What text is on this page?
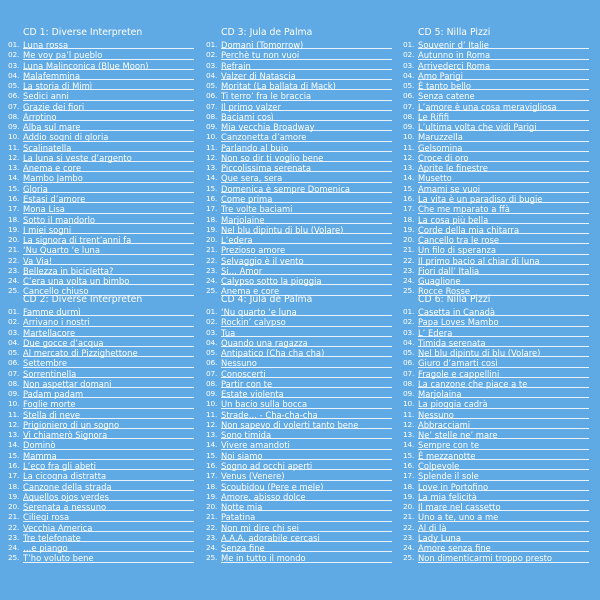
CD 1: Diverse Interpreten
01. Luna rossa
02. Me voy pa’l pueblo
03. Luna Malinconica (Blue Moon)
04. Malafemmina
05. La storia di Mimì
06. Sedici anni
07. Grazie dei fiori
08. Arrotino
09. Alba sul mare
10. Addio sogni di gloria
11. Scalinatella
12. La luna si veste d’argento
13. Anema e core
14. Mambo Jambo
15. Gloria
16. Estasi d’amore
17. Mona Lisa
18. Sotto il mandorlo
19. I miei sogni
20. La signora di trent’anni fa
21. ‘Nu Quarto ‘e luna
22. Va Via!
23. Bellezza in bicicletta?
24. C’era una volta un bimbo
25. Cancello chiuso
CD 2: Diverse Interpreten
01. Famme durmì
02. Arrivano i nostri
03. Martellacore
04. Due gocce d’acqua
05. Al mercato di Pizzighettone
06. Settembre
07. Sorrentinella
08. Non aspettar domani
09. Padam padam
10. Foglie morte
11. Stella di neve
12. Prigioniero di un sogno
13. Vi chiamerò Signora
14. Dominò
15. Mamma
16. L’eco fra gli abeti
17. La cicogna distratta
18. Canzone della strada
19. Aquellos ojos verdes
20. Serenata a nessuno
21. Ciliegi rosa
22. Vecchia America
23. Tre telefonate
24. …e piango
25. T’ho voluto bene
CD 3: Jula de Palma
01. Domani (Tomorrow)
02. Perchè tu non vuoi
03. Refrain
04. Valzer di Natascia
05. Moritat (La ballata di Mack)
06. Ti terro’ fra le braccia
07. Il primo valzer
08. Baciami così
09. Mia vecchia Broadway
10. Canzonetta d’amore
11. Parlando al buio
12. Non so dir ti voglio bene
13. Piccolissima serenata
14. Que sera, sera
15. Domenica è sempre Domenica
16. Come prima
17. Tre volte baciami
18. Marjolaine
19. Nel blu dipintu di blu (Volare)
20. L’edera
21. Prezioso amore
22. Selvaggio è il vento
23. Si… Amor
24. Calypso sotto la pioggia
25. Anema e core
CD 4: Jula de Palma
01. ‘Nu quarto ‘e luna
02. Rockin’ calypso
03. Tua
04. Quando una ragazza
05. Antipatico (Cha cha cha)
06. Nessuno
07. Conoscerti
08. Partir con te
09. Estate violenta
10. Un bacio sulla bocca
11. Strade… - Cha-cha-cha
12. Non sapevo di volerti tanto bene
13. Sono timida
14. Vivere amandoti
15. Noi siamo
16. Sogno ad occhi aperti
17. Venus (Venere)
18. Scoubidou (Pere e mele)
19. Amore, abisso dolce
20. Notte mia
21. Patatina
22. Non mi dire chi sei
23. A.A.A. adorabile cercasi
24. Senza fine
25. Me in tutto il mondo
CD 5: Nilla Pizzi
01. Souvenir d’ Italie
02. Autunno in Roma
03. Arrivederci Roma
04. Amo Parigi
05. È tanto bello
06. Senza catene
07. L’amore è una cosa meravigliosa
08. Le Rififi
09. L’ultima volta che vidi Parigi
10. Maruzzella
11. Gelsomina
12. Croce di oro
13. Aprite le finestre
14. Musetto
15. Amami se vuoi
16. La vita è un paradiso di bugie
17. Che me mparato a ffà
18. La cosa più bella
19. Corde della mia chitarra
20. Cancello tra le rose
21. Un filo di speranza
22. Il primo bacio al chiar di luna
23. Fiori dall’ Italia
24. Guaglione
25. Rocce Rosse
CD 6: Nilla Pizzi
01. Casetta in Canadà
02. Papa Loves Mambo
03. L’ Edera
04. Timida serenata
05. Nel blu dipintu di blu (Volare)
06. Giuro d’amarti così
07. Fragole e cappellini
08. La canzone che piace a te
09. Marjolaina
10. La pioggia cadrà
11. Nessuno
12. Abbracciami
13. Ne’ stelle ne’ mare
14. Sempre con te
15. È mezzanotte
16. Colpevole
17. Splende il sole
18. Love in Portofino
19. La mia felicità
20. Il mare nel cassetto
21. Uno a te, uno a me
22. Al di là
23. Lady Luna
24. Amore senza fine
25. Non dimenticarmi troppo presto
